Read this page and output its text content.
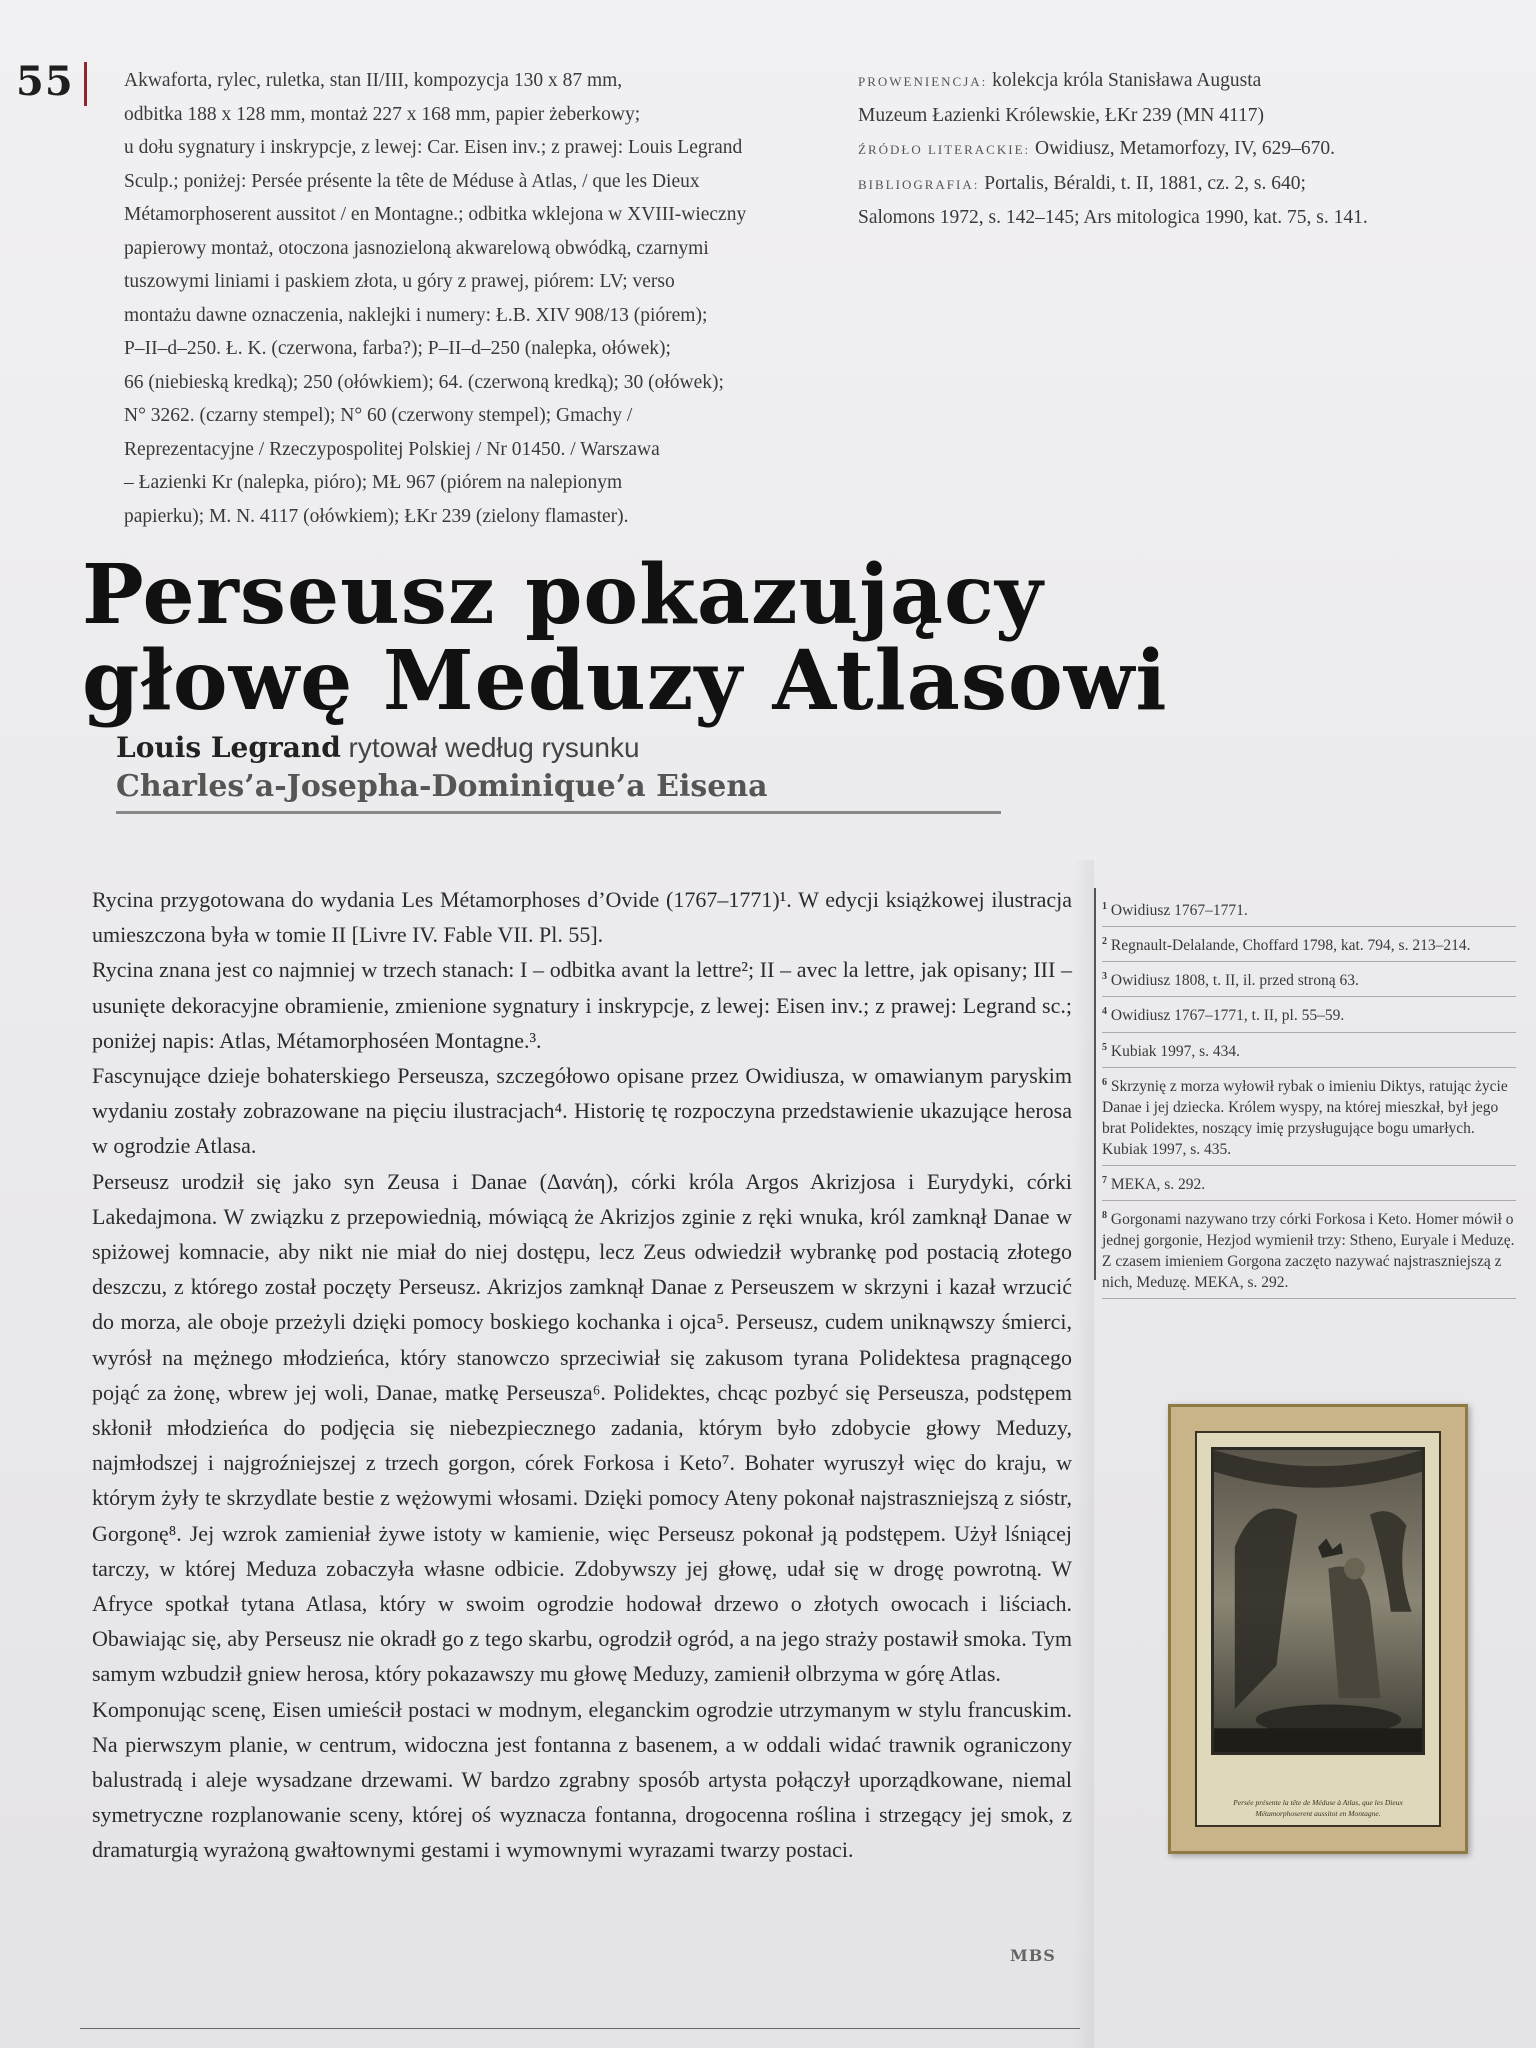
55	Akwaforta, rylec, ruletka, stan II/III, kompozycja 130 x 87 mm,

odbitka 188 x 128 mm, montaż 227 x 168 mm, papier żeberkowy;

u dołu sygnatury i inskrypcje, z lewej: Car. Eisen inv.; z prawej: Louis Legrand

Sculp.; poniżej: Persée présente la tête de Méduse à Atlas, / que les Dieux

Métamorphoserent aussitot / en Montagne.; odbitka wklejona w XVIII-wieczny

papierowy montaż, otoczona jasnozieloną akwarelową obwódką, czarnymi

tuszowymi liniami i paskiem złota, u góry z prawej, piórem: LV; verso

montażu dawne oznaczenia, naklejki i numery: Ł.B. XIV 908/13 (piórem);

P–II–d–250. Ł. K. (czerwona, farba?); P–II–d–250 (nalepka, ołówek);

66 (niebieską kredką); 250 (ołówkiem); 64. (czerwoną kredką); 30 (ołówek);

N° 3262. (czarny stempel); N° 60 (czerwony stempel); Gmachy /

Reprezentacyjne / Rzeczypospolitej Polskiej / Nr 01450. / Warszawa

– Łazienki Kr (nalepka, pióro); MŁ 967 (piórem na nalepionym

papierku); M. N. 4117 (ołówkiem); ŁKr 239 (zielony flamaster).

PROWENIENCJA: kolekcja króla Stanisława Augusta

Muzeum Łazienki Królewskie, ŁKr 239 (MN 4117)

ŹRÓDŁO LITERACKIE: Owidiusz, Metamorfozy, IV, 629–670.

BIBLIOGRAFIA: Portalis, Béraldi, t. II, 1881, cz. 2, s. 640;

Salomons 1972, s. 142–145; Ars mitologica 1990, kat. 75, s. 141.

Perseusz pokazujący
głowę Meduzy Atlasowi
Louis Legrand rytował według rysunku
Charles’a-Josepha-Dominique’a Eisena

Rycina przygotowana do wydania Les Métamorphoses d’Ovide (1767–1771)¹. W edycji książkowej ilustracja umieszczona była w tomie II [Livre IV. Fable VII. Pl. 55].

Rycina znana jest co najmniej w trzech stanach: I – odbitka avant la lettre²; II – avec la lettre, jak opisany; III – usunięte dekoracyjne obramienie, zmienione sygnatury i inskrypcje, z lewej: Eisen inv.; z prawej: Legrand sc.; poniżej napis: Atlas, Métamorphoséen Montagne.³.

Fascynujące dzieje bohaterskiego Perseusza, szczegółowo opisane przez Owidiusza, w omawianym paryskim wydaniu zostały zobrazowane na pięciu ilustracjach⁴. Historię tę rozpoczyna przedstawienie ukazujące herosa w ogrodzie Atlasa.

Perseusz urodził się jako syn Zeusa i Danae (Δανάη), córki króla Argos Akrizjosa i Eurydyki, córki Lakedajmona. W związku z przepowiednią, mówiącą że Akrizjos zginie z ręki wnuka, król zamknął Danae w spiżowej komnacie, aby nikt nie miał do niej dostępu, lecz Zeus odwiedził wybrankę pod postacią złotego deszczu, z którego został poczęty Perseusz. Akrizjos zamknął Danae z Perseuszem w skrzyni i kazał wrzucić do morza, ale oboje przeżyli dzięki pomocy boskiego kochanka i ojca⁵. Perseusz, cudem uniknąwszy śmierci, wyrósł na mężnego młodzieńca, który stanowczo sprzeciwiał się zakusom tyrana Polidektesa pragnącego pojąć za żonę, wbrew jej woli, Danae, matkę Perseusza⁶. Polidektes, chcąc pozbyć się Perseusza, podstępem skłonił młodzieńca do podjęcia się niebezpiecznego zadania, którym było zdobycie głowy Meduzy, najmłodszej i najgroźniejszej z trzech gorgon, córek Forkosa i Keto⁷. Bohater wyruszył więc do kraju, w którym żyły te skrzydlate bestie z wężowymi włosami. Dzięki pomocy Ateny pokonał najstraszniejszą z sióstr, Gorgonę⁸. Jej wzrok zamieniał żywe istoty w kamienie, więc Perseusz pokonał ją podstępem. Użył lśniącej tarczy, w której Meduza zobaczyła własne odbicie. Zdobywszy jej głowę, udał się w drogę powrotną. W Afryce spotkał tytana Atlasa, który w swoim ogrodzie hodował drzewo o złotych owocach i liściach. Obawiając się, aby Perseusz nie okradł go z tego skarbu, ogrodził ogród, a na jego straży postawił smoka. Tym samym wzbudził gniew herosa, który pokazawszy mu głowę Meduzy, zamienił olbrzyma w górę Atlas.

Komponując scenę, Eisen umieścił postaci w modnym, eleganckim ogrodzie utrzymanym w stylu francuskim. Na pierwszym planie, w centrum, widoczna jest fontanna z basenem, a w oddali widać trawnik ograniczony balustradą i aleje wysadzane drzewami. W bardzo zgrabny sposób artysta połączył uporządkowane, niemal symetryczne rozplanowanie sceny, której oś wyznacza fontanna, drogocenna roślina i strzegący jej smok, z dramaturgią wyrażoną gwałtownymi gestami i wymownymi wyrazami twarzy postaci.

MBS
$^1$ Owidiusz 1767–1771.
$^2$ Regnault-Delalande, Choffard 1798, kat. 794, s. 213–214.
$^3$ Owidiusz 1808, t. II, il. przed stroną 63.
$^4$ Owidiusz 1767–1771, t. II, pl. 55–59.
$^5$ Kubiak 1997, s. 434.
$^6$ Skrzynię z morza wyłowił rybak o imieniu Diktys, ratując życie Danae i jej dziecka. Królem wyspy, na której mieszkał, był jego brat Polidektes, noszący imię przysługujące bogu umarłych. Kubiak 1997, s. 435.
$^7$ MEKA, s. 292.
$^8$ Gorgonami nazywano trzy córki Forkosa i Keto. Homer mówił o jednej gorgonie, Hezjod wymienił trzy: Stheno, Euryale i Meduzę. Z czasem imieniem Gorgona zaczęto nazywać najstraszniejszą z nich, Meduzę. MEKA, s. 292.
Persée présente la tête de Méduse à Atlas, que les Dieux Métamorphoserent aussitot en Montagne.
